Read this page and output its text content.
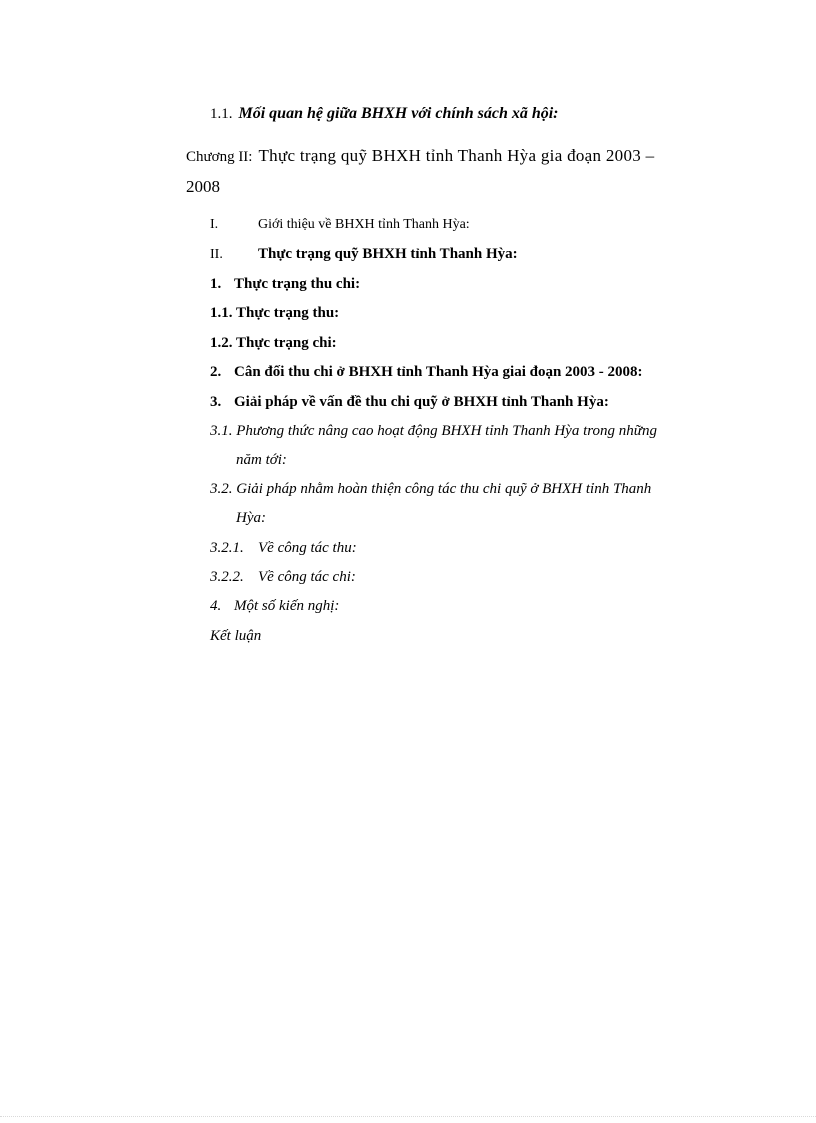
1.1. Mối quan hệ giữa BHXH với chính sách xã hội:
Chương II: Thực trạng quỹ BHXH tỉnh Thanh Hỳa gia đoạn 2003 –
2008
I.	Giới thiệu về BHXH tỉnh Thanh Hỳa:
II. Thực trạng quỹ BHXH tỉnh Thanh Hỳa:
1. Thực trạng thu chi:
1.1. Thực trạng thu:
1.2. Thực trạng chi:
2. Cân đối thu chi ở BHXH tỉnh Thanh Hỳa giai đoạn 2003 - 2008:
3. Giải pháp về vấn đề thu chi quỹ ở BHXH tỉnh Thanh Hỳa:
3.1. Phương thức nâng cao hoạt động BHXH tỉnh Thanh Hỳa trong những
năm tới:
3.2. Giải pháp nhằm hoàn thiện công tác thu chi quỹ ở BHXH tỉnh Thanh
Hỳa:
3.2.1. Về công tác thu:
3.2.2. Về công tác chi:
4. Một số kiến nghị:
Kết luận
